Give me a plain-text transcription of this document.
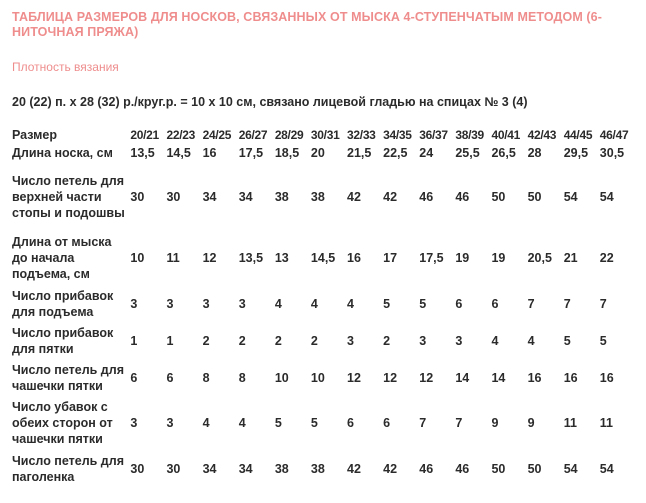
ТАБЛИЦА РАЗМЕРОВ ДЛЯ НОСКОВ, СВЯЗАННЫХ ОТ МЫСКА 4-СТУПЕНЧАТЫМ МЕТОДОМ (6-НИТОЧНАЯ ПРЯЖА)
Плотность вязания
20 (22) п. х 28 (32) р./круг.р. = 10 х 10 см, связано лицевой гладью на спицах № 3 (4)
Размер	20/21	22/23	24/25	26/27	28/29	30/31	32/33	34/35	36/37	38/39	40/41	42/43	44/45	46/47
Длина носка, см	13,5	14,5	16	17,5	18,5	20	21,5	22,5	24	25,5	26,5	28	29,5	30,5
Число петель для верхней части стопы и подошвы	30	30	34	34	38	38	42	42	46	46	50	50	54	54
Длина от мыска до начала подъема, см	10	11	12	13,5	13	14,5	16	17	17,5	19	19	20,5	21	22
Число прибавок для подъема	3	3	3	3	4	4	4	5	5	6	6	7	7	7
Число прибавок для пятки	1	1	2	2	2	2	3	2	3	3	4	4	5	5
Число петель для чашечки пятки	6	6	8	8	10	10	12	12	12	14	14	16	16	16
Число убавок с обеих сторон от чашечки пятки	3	3	4	4	5	5	6	6	7	7	9	9	11	11
Число петель для паголенка	30	30	34	34	38	38	42	42	46	46	50	50	54	54
